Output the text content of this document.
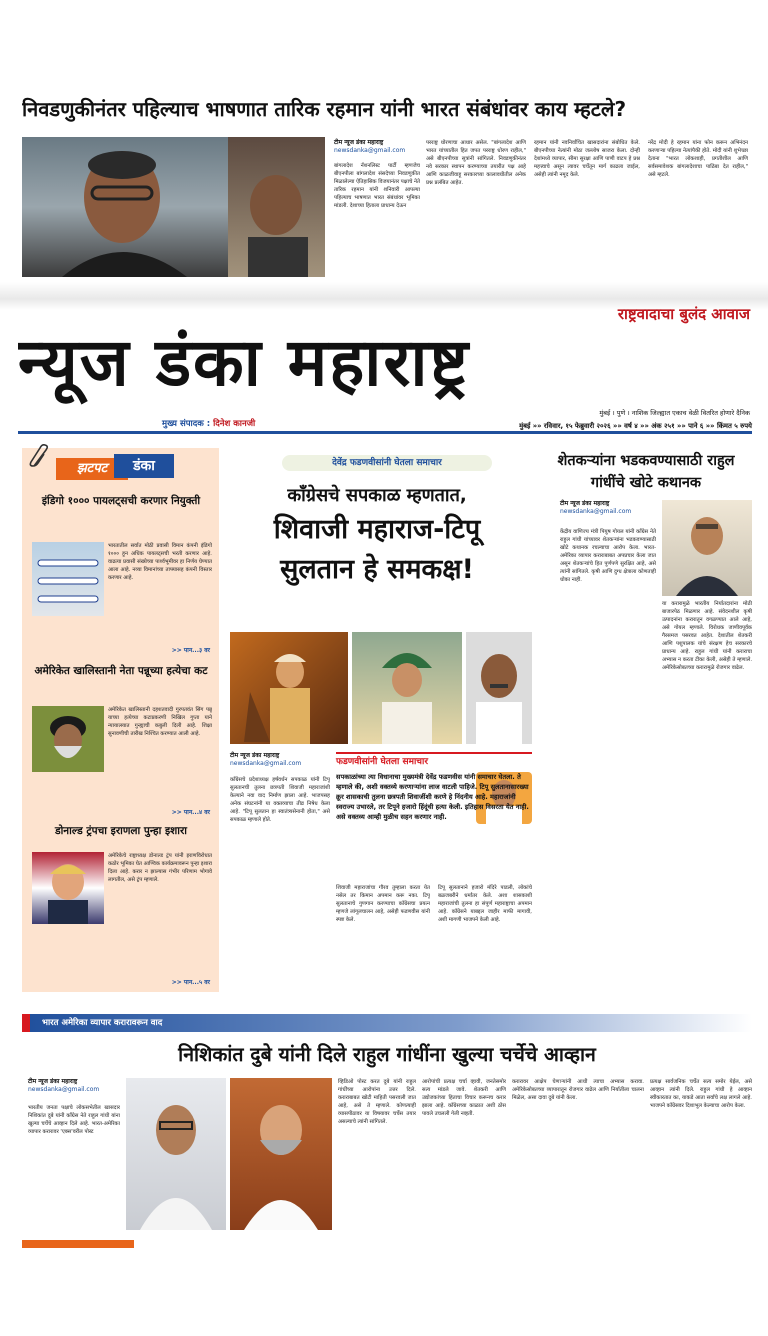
निवडणुकीनंतर पहिल्याच भाषणात तारिक रहमान यांनी भारत संबंधांवर काय म्हटले?
टीम न्यूज डंका महाराष्ट्र
newsdanka@gmail.com
बांगलादेश नॅशनलिस्ट पार्टी म्हणजेच बीएनपीला बांगलादेश संसदेच्या निवडणुकीत मिळालेल्या ऐतिहासिक विजयानंतर पक्षाचे नेते तारिक रहमान यांनी शनिवारी आपल्या पहिल्याच भाषणात भारत संबंधांवर भूमिका मांडली. देशाच्या हिताला प्राधान्य देऊन
परराष्ट्र धोरणाचा आधार असेल. "बांगलादेश आणि भारत यांच्यातील हित जपत परराष्ट्र धोरण राहील," असे बीएनपीच्या सूत्रांनी सांगितले. निवडणुकीनंतर नवे सरकार स्थापन करण्याच्या तयारीत पक्ष आहे आणि काळजीवाहू सरकारच्या कालावधीतील अनेक प्रश्न प्रलंबित आहेत.
रहमान यांनी नवनिर्वाचित खासदारांना संबोधित केले. बीएनपीच्या नेत्यांनी मोठा जल्लोष साजरा केला. दोन्ही देशांमध्ये व्यापार, सीमा सुरक्षा आणि पाणी वाटप हे प्रश्न महत्त्वाचे असून त्यावर चर्चेतून मार्ग काढला जाईल, असेही त्यांनी नमूद केले.
नरेंद्र मोदी हे रहमान यांना फोन करून अभिनंदन करणाऱ्या पहिल्या नेत्यांपैकी होते. मोदी यांनी शुभेच्छा देताना "भारत लोकशाही, प्रगतीशील आणि सर्वसमावेशक बांगलादेशाचा पाठिंबा देत राहील," असे म्हटले.
राष्ट्रवादाचा बुलंद आवाज
न्यूज डंका महाराष्ट्र
मुंबई । पुणे । नाशिक जिल्ह्यात एकाच वेळी वितरित होणारे दैनिक
मुख्य संपादक : दिनेश कानजी	मुंबई »» रविवार, १५ फेब्रुवारी २०२६ »» वर्ष ४ »» अंक २५१ »» पाने ६ »» किंमत ५ रुपये
झटपट	डंका
इंडिगो १००० पायलट्सची करणार नियुक्ती
भारतातील सर्वात मोठी प्रवासी विमान कंपनी इंडिगो १००० हून अधिक पायलट्सची भरती करणार आहे. वाढत्या प्रवासी संख्येच्या पार्श्वभूमीवर हा निर्णय घेण्यात आला आहे. नव्या विमानांच्या ताफ्यासह कंपनी विस्तार करणार आहे.
>> पान...३ वर
अमेरिकेत खालिस्तानी नेता पन्नूच्या हत्येचा कट
अमेरिकेत खालिस्तानी दहशतवादी गुरपतवंत सिंग पन्नू याच्या हत्येच्या कटाप्रकरणी निखिल गुप्ता याने न्यायालयात गुन्ह्याची कबुली दिली आहे. शिक्षा सुनावणीची तारीख निश्चित करण्यात आली आहे.
>> पान...४ वर
डोनाल्ड ट्रंपचा इराणला पुन्हा इशारा
अमेरिकेचे राष्ट्राध्यक्ष डोनाल्ड ट्रंप यांनी इराणविरोधात कठोर भूमिका घेत आण्विक कार्यक्रमावरून पुन्हा इशारा दिला आहे. करार न झाल्यास गंभीर परिणाम भोगावे लागतील, असे ट्रंप म्हणाले.
>> पान...५ वर
देवेंद्र फडणवीसांनी घेतला समाचार
काँग्रेसचे सपकाळ म्हणतात,
शिवाजी महाराज-टिपू
सुलतान हे समकक्ष!
टीम न्यूज डंका महाराष्ट्र
newsdanka@gmail.com
काँग्रेसचे प्रदेशाध्यक्ष हर्षवर्धन सपकाळ यांनी टिपू सुलतानची तुलना छत्रपती शिवाजी महाराजांशी केल्याने नवा वाद निर्माण झाला आहे. भाजपसह अनेक संघटनांनी या वक्तव्याचा तीव्र निषेध केला आहे. "टिपू सुलतान हा स्वातंत्र्यसेनानी होता," असे सपकाळ म्हणाले होते.
फडणवीसांनी घेतला समाचार
सपकाळांच्या त्या विधानाचा मुख्यमंत्री देवेंद्र फडणवीस यांनी समाचार घेतला. ते म्हणाले की, अशी वक्तव्ये करणाऱ्यांना लाज वाटली पाहिजे. टिपू सुलतानासारख्या क्रूर शासकाची तुलना छत्रपती शिवाजींशी करणे हे निंदनीय आहे. महाराजांनी स्वराज्य उभारले, तर टिपूने हजारो हिंदूंची हत्या केली. इतिहास विसरता येत नाही. असे वक्तव्य आम्ही मुळीच सहन करणार नाही.
शिवाजी महाराजांचा गौरव तुम्हाला करता येत नसेल तर किमान अपमान करू नका. टिपू सुलतानाचे गुणगान करण्याचा काँग्रेसचा प्रयत्न म्हणजे लांगूलचालन आहे, असेही फडणवीस यांनी स्पष्ट केले.
टिपू सुलतानाने हजारो मंदिरे पाडली, लोकांचे बळजबरीने धर्मांतर केले. अशा शासकाशी महाराजांची तुलना हा संपूर्ण महाराष्ट्राचा अपमान आहे. काँग्रेसने याबद्दल जाहीर माफी मागावी, अशी मागणी भाजपने केली आहे.
शेतकऱ्यांना भडकवण्यासाठी राहुल गांधींचे खोटे कथानक
टीम न्यूज डंका महाराष्ट्र
newsdanka@gmail.com
केंद्रीय वाणिज्य मंत्री पियुष गोयल यांनी काँग्रेस नेते राहुल गांधी यांच्यावर शेतकऱ्यांना भडकवण्यासाठी खोटे कथानक रचल्याचा आरोप केला. भारत-अमेरिका व्यापार कराराबाबत अपप्रचार केला जात असून शेतकऱ्यांचे हित पूर्णपणे सुरक्षित आहे, असे त्यांनी सांगितले. कृषी आणि दुग्ध क्षेत्राला कोणताही धोका नाही.
या करारामुळे भारतीय निर्यातदारांना मोठी बाजारपेठ मिळणार आहे. संवेदनशील कृषी उत्पादनांना करारातून वगळण्यात आले आहे, असे गोयल म्हणाले. विरोधक जाणीवपूर्वक गैरसमज पसरवत आहेत. देशातील शेतकरी आणि पशुपालक यांचे संरक्षण हेच सरकारचे प्राधान्य आहे. राहुल गांधी यांनी कराराचा अभ्यास न करता टीका केली, असेही ते म्हणाले. अमेरिकेसोबतच्या करारामुळे रोजगार वाढेल.
भारत अमेरिका व्यापार करारावरून वाद
निशिकांत दुबे यांनी दिले राहुल गांधींना खुल्या चर्चेचे आव्हान
टीम न्यूज डंका महाराष्ट्र
newsdanka@gmail.com
भारतीय जनता पक्षाचे लोकसभेतील खासदार निशिकांत दुबे यांनी काँग्रेस नेते राहुल गांधी यांना खुल्या चर्चेचे आव्हान दिले आहे. भारत-अमेरिका व्यापार करारावर 'एक्स'वरील पोस्ट
व्हिडिओ पोस्ट करत दुबे यांनी राहुल गांधींच्या आरोपांना उत्तर दिले. कराराबाबत खोटी माहिती पसरवली जात आहे, असे ते म्हणाले. कोणत्याही व्यासपीठावर या विषयावर चर्चेस तयार असल्याचे त्यांनी सांगितले.
आरोपांची प्रत्यक्ष चर्चा व्हावी, जनतेसमोर सत्य मांडले जावे. शेतकरी आणि उद्योजकांच्या हिताचा विचार करूनच करार झाला आहे. काँग्रेसच्या काळात अशी ठोस पावले उचलली गेली नव्हती.
करारावर आक्षेप घेणाऱ्यांनी आधी त्याचा अभ्यास करावा. अमेरिकेसोबतच्या व्यापारातून रोजगार वाढेल आणि निर्यातीला चालना मिळेल, असा दावा दुबे यांनी केला.
प्रत्यक्ष सार्वजनिक चर्चेत सत्य समोर येईल, असे आव्हान त्यांनी दिले. राहुल गांधी हे आव्हान स्वीकारतात का, याकडे आता सर्वांचे लक्ष लागले आहे. भाजपने काँग्रेसवर दिशाभूल केल्याचा आरोप केला.
